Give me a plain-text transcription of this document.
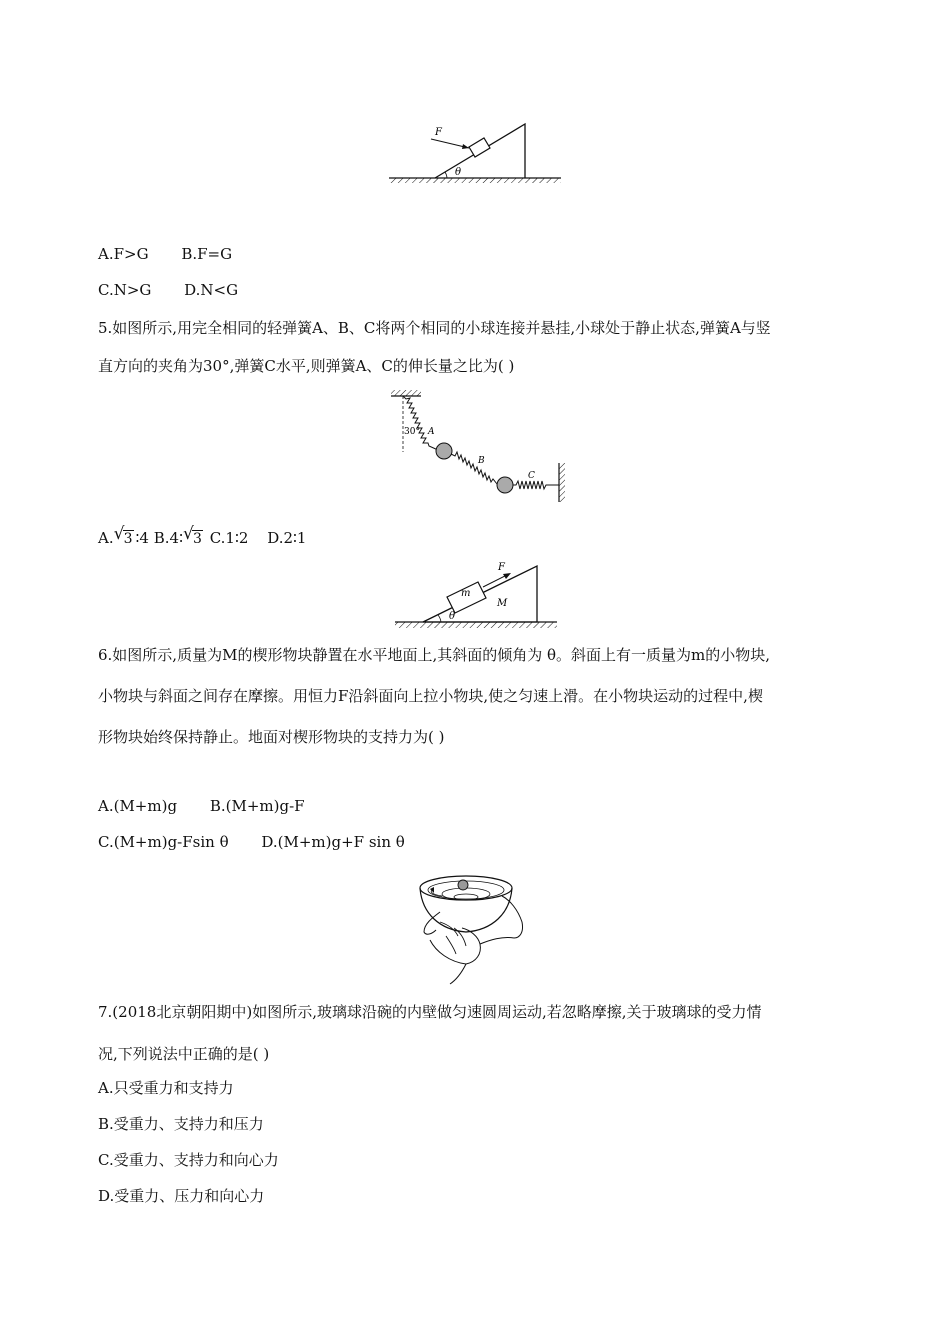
F
θ
A.F>G B.F=G
C.N>G D.N<G
5.如图所示,用完全相同的轻弹簧A、B、C将两个相同的小球连接并悬挂,小球处于静止状态,弹簧A与竖
直方向的夹角为30°,弹簧C水平,则弹簧A、C的伸长量之比为( )
A
30°
B
C
A. √ 3 ∶4 B.4∶ √ 3 C.1∶2 D.2∶1
m
M
F
θ
6.如图所示,质量为M的楔形物块静置在水平地面上,其斜面的倾角为 θ。斜面上有一质量为m的小物块,
小物块与斜面之间存在摩擦。用恒力F沿斜面向上拉小物块,使之匀速上滑。在小物块运动的过程中,楔
形物块始终保持静止。地面对楔形物块的支持力为( )
A.(M+m)g B.(M+m)g-F
C.(M+m)g-Fsin θ D.(M+m)g+F sin θ
7.(2018北京朝阳期中)如图所示,玻璃球沿碗的内壁做匀速圆周运动,若忽略摩擦,关于玻璃球的受力情
况,下列说法中正确的是( )
A.只受重力和支持力
B.受重力、支持力和压力
C.受重力、支持力和向心力
D.受重力、压力和向心力
